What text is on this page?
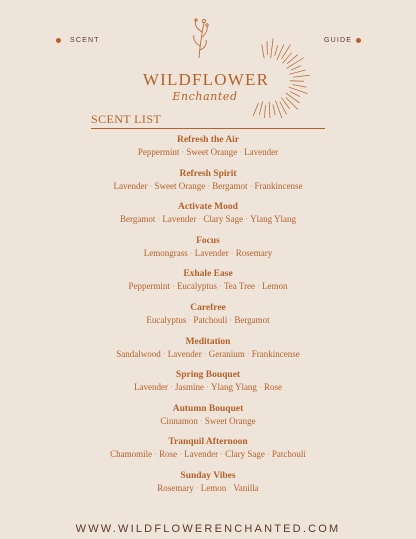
SCENT	GUIDE
WILDFLOWER
Enchanted
SCENT LIST
Refresh the Air
Peppermint · Sweet Orange · Lavender
Refresh Spirit
Lavender · Sweet Orange · Bergamot · Frankincense
Activate Mood
Bergamot · Lavender · Clary Sage · Ylang Ylang
Focus
Lemongrass · Lavender · Rosemary
Exhale Ease
Peppermint · Eucalyptus · Tea Tree · Lemon
Carefree
Eucalyptus · Patchouli · Bergamot
Meditation
Sandalwood · Lavender · Geranium · Frankincense
Spring Bouquet
Lavender · Jasmine · Ylang Ylang · Rose
Autumn Bouquet
Cinnamon · Sweet Orange
Tranquil Afternoon
Chamomile · Rose · Lavender · Clary Sage · Patchouli
Sunday Vibes
Rosemary · Lemon · Vanilla
WWW.WILDFLOWERENCHANTED.COM
